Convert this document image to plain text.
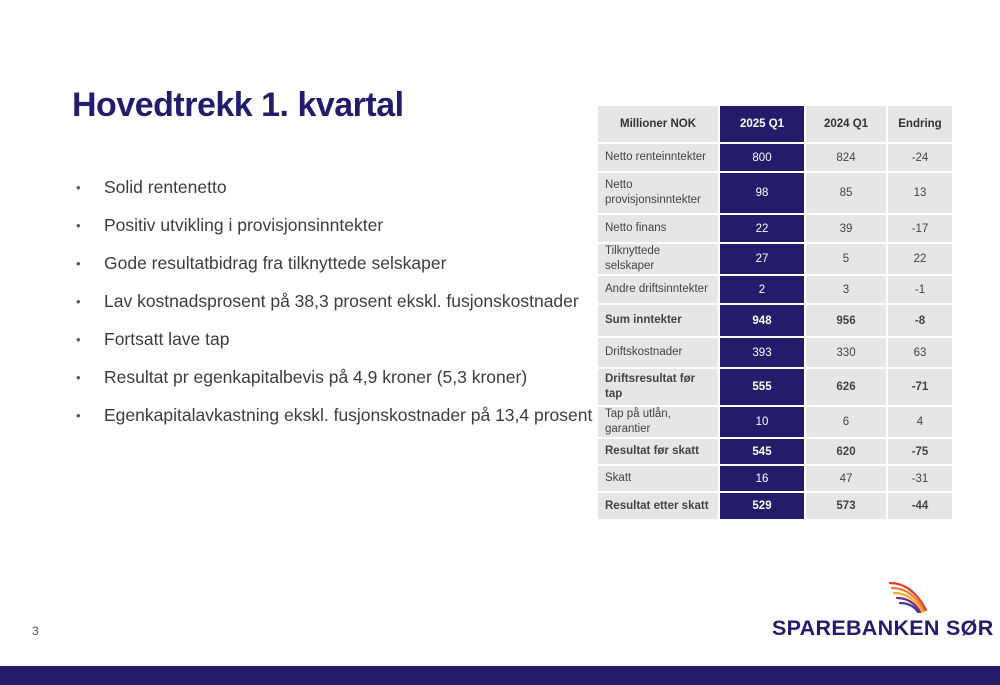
Hovedtrekk 1. kvartal
•	Solid rentenetto
•	Positiv utvikling i provisjonsinntekter
•	Gode resultatbidrag fra tilknyttede selskaper
•	Lav kostnadsprosent på 38,3 prosent ekskl. fusjonskostnader
•	Fortsatt lave tap
•	Resultat pr egenkapitalbevis på 4,9 kroner (5,3 kroner)
•	Egenkapitalavkastning ekskl. fusjonskostnader på 13,4 prosent
Millioner NOK	2025 Q1	2024 Q1	Endring
Netto renteinntekter	800	824	-24
Netto provisjonsinntekter	98	85	13
Netto finans	22	39	-17
Tilknyttede selskaper	27	5	22
Andre driftsinntekter	2	3	-1
Sum inntekter	948	956	-8
Driftskostnader	393	330	63
Driftsresultat før tap	555	626	-71
Tap på utlån, garantier	10	6	4
Resultat før skatt	545	620	-75
Skatt	16	47	-31
Resultat etter skatt	529	573	-44
3	SPAREBANKEN SØR
